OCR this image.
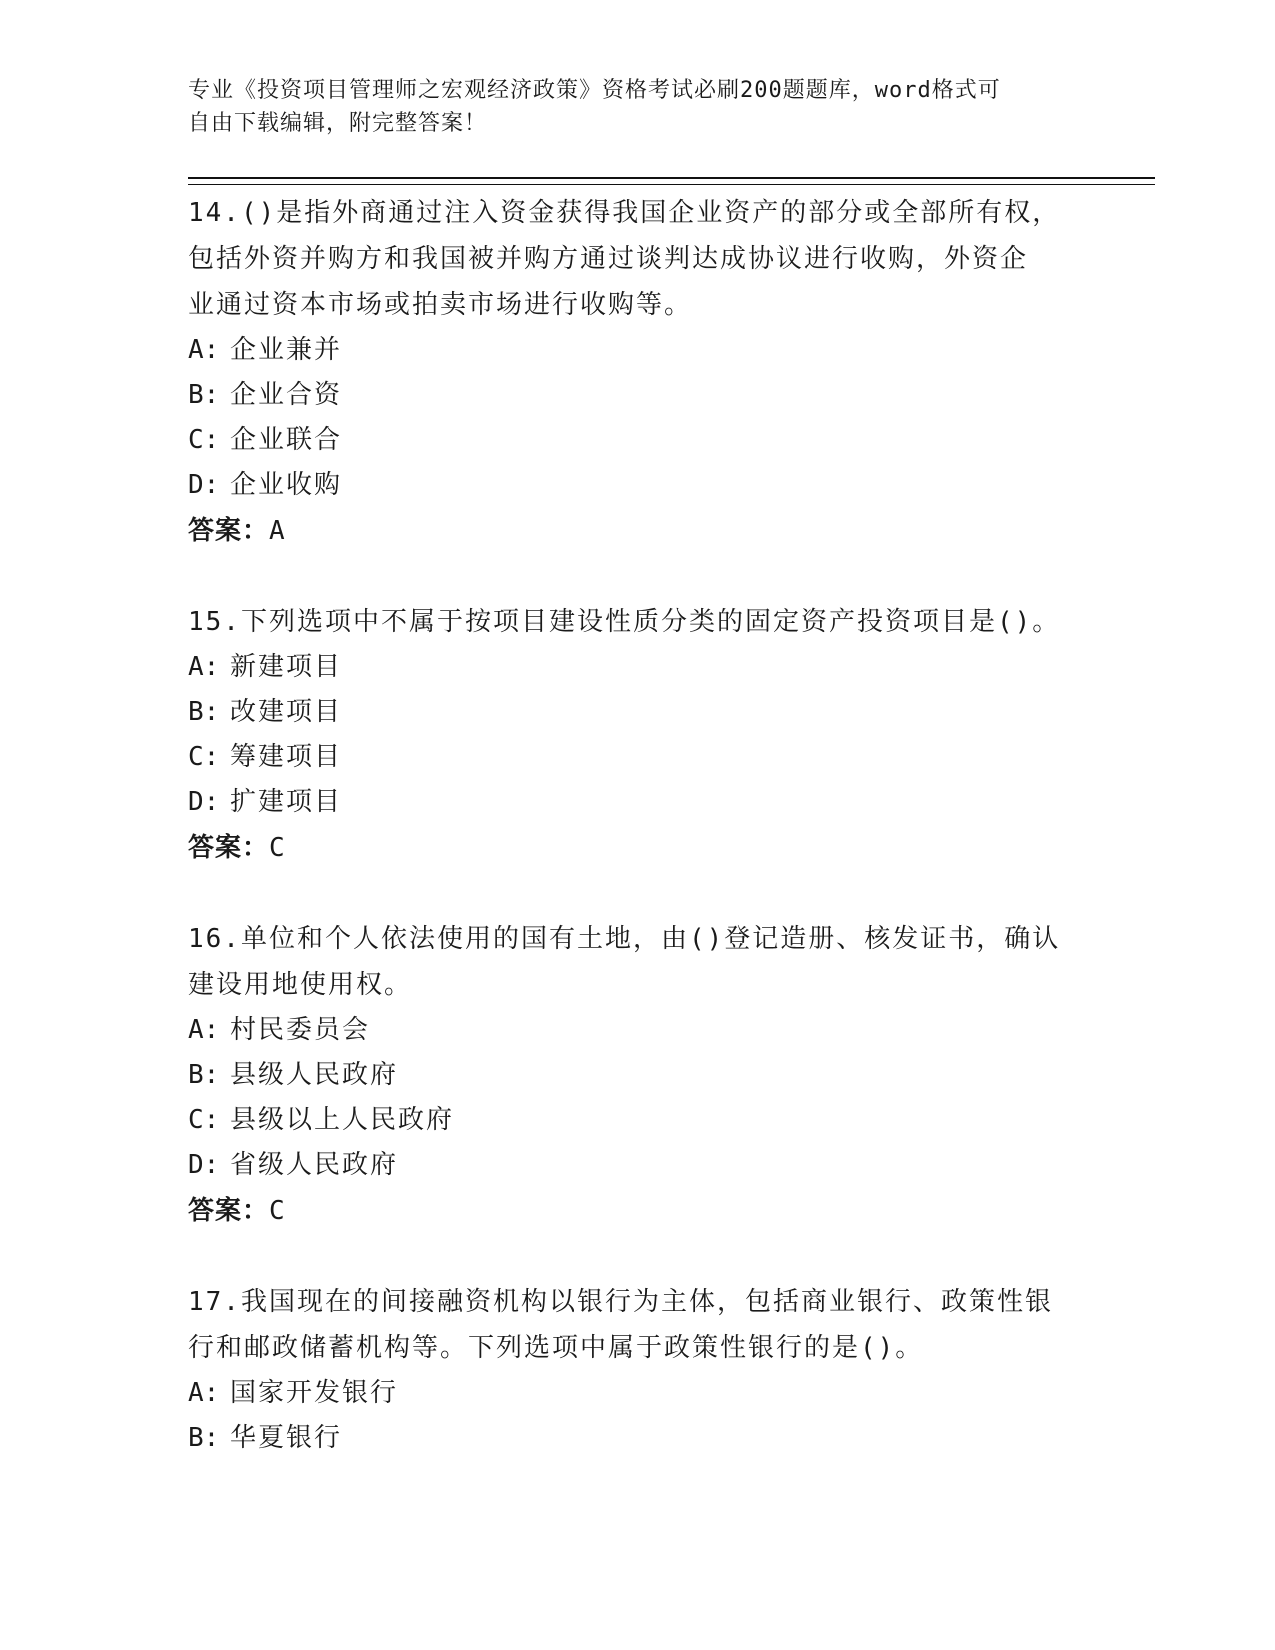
专业《投资项目管理师之宏观经济政策》资格考试必刷200题题库，word格式可
自由下载编辑，附完整答案！
14.()是指外商通过注入资金获得我国企业资产的部分或全部所有权，
包括外资并购方和我国被并购方通过谈判达成协议进行收购，外资企
业通过资本市场或拍卖市场进行收购等。
A: 企业兼并
B: 企业合资
C: 企业联合
D: 企业收购
答案：A
15.下列选项中不属于按项目建设性质分类的固定资产投资项目是()。
A: 新建项目
B: 改建项目
C: 筹建项目
D: 扩建项目
答案：C
16.单位和个人依法使用的国有土地，由()登记造册、核发证书，确认
建设用地使用权。
A: 村民委员会
B: 县级人民政府
C: 县级以上人民政府
D: 省级人民政府
答案：C
17.我国现在的间接融资机构以银行为主体，包括商业银行、政策性银
行和邮政储蓄机构等。下列选项中属于政策性银行的是()。
A: 国家开发银行
B: 华夏银行
